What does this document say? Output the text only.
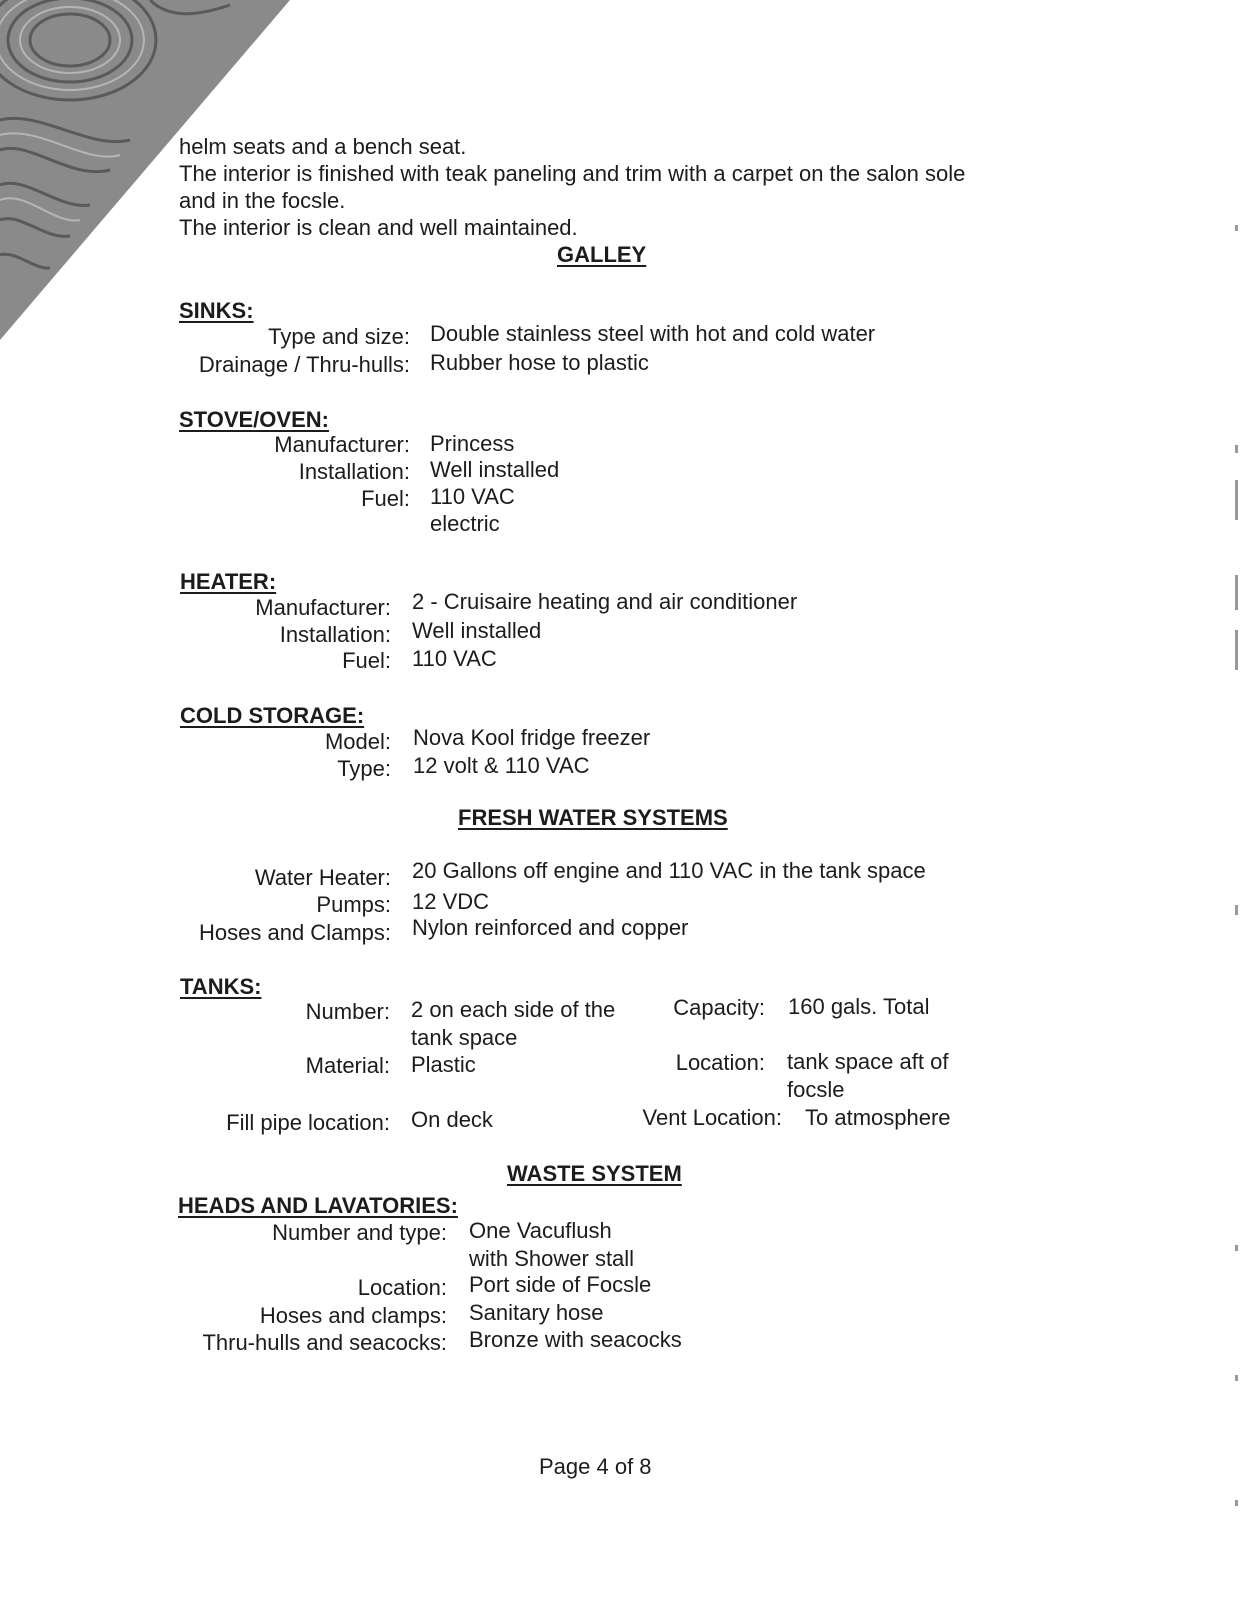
helm seats and a bench seat.
The interior is finished with teak paneling and trim with a carpet on the salon sole
and in the focsle.
The interior is clean and well maintained.
GALLEY
SINKS:
Type and size: Double stainless steel with hot and cold water
Drainage / Thru-hulls: Rubber hose to plastic
STOVE/OVEN:
Manufacturer: Princess
Installation: Well installed
Fuel: 110 VAC
electric
HEATER:
Manufacturer: 2 - Cruisaire heating and air conditioner
Installation: Well installed
Fuel: 110 VAC
COLD STORAGE:
Model: Nova Kool fridge freezer
Type: 12 volt & 110 VAC
FRESH WATER SYSTEMS
Water Heater: 20 Gallons off engine and 110 VAC in the tank space
Pumps: 12 VDC
Hoses and Clamps: Nylon reinforced and copper
TANKS:
Number: 2 on each side of the
tank space
Capacity: 160 gals. Total
Material: Plastic	Location: tank space aft of
focsle
Fill pipe location: On deck	Vent Location: To atmosphere
WASTE SYSTEM
HEADS AND LAVATORIES:
Number and type: One Vacuflush
with Shower stall
Location: Port side of Focsle
Hoses and clamps: Sanitary hose
Thru-hulls and seacocks: Bronze with seacocks
Page 4 of 8
